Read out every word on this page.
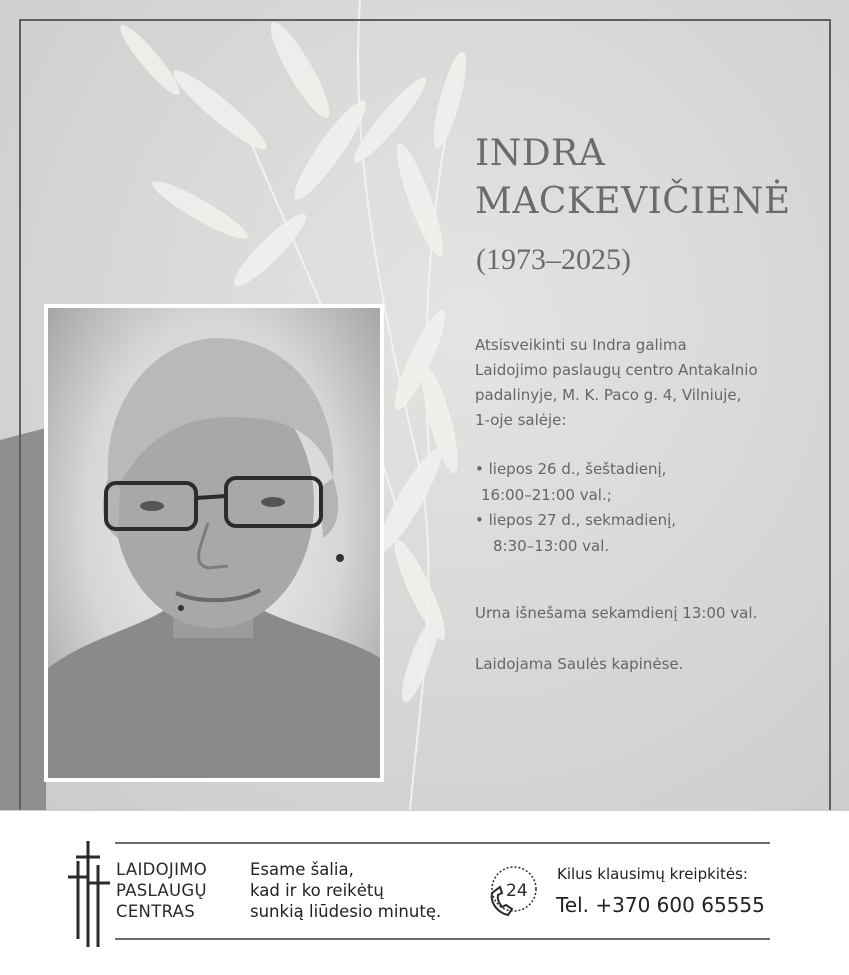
INDRA
MACKEVIČIENĖ
(1973–2025)

Atsisveikinti su Indra galima

Laidojimo paslaugų centro Antakalnio

padalinyje, M. K. Paco g. 4, Vilniuje,

1-oje salėje:

• liepos 26 d., šeštadienį,
16:00–21:00 val.;
• liepos 27 d., sekmadienį,
8:30–13:00 val.
Urna išnešama sekamdienį 13:00 val.
Laidojama Saulės kapinėse.
LAIDOJIMO
PASLAUGŲ
CENTRAS
Esame šalia,
kad ir ko reikėtų
sunkią liūdesio minutę.
24
Kilus klausimų kreipkitės:
Tel. +370 600 65555
